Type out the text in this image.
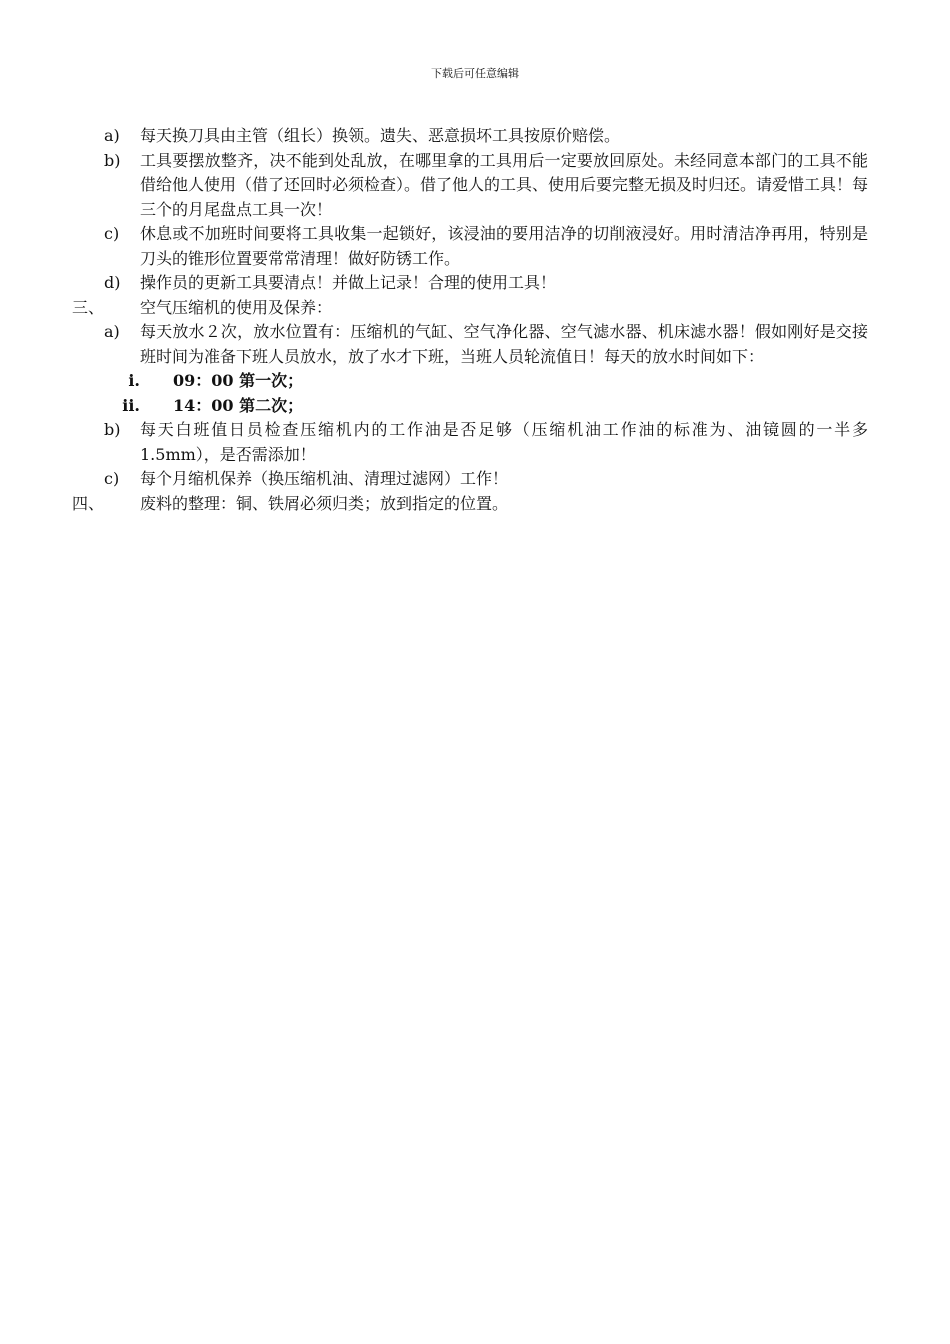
下载后可任意编辑
a) 每天换刀具由主管（组长）换领。遗失、恶意损坏工具按原价赔偿。
b) 工具要摆放整齐，决不能到处乱放，在哪里拿的工具用后一定要放回原处。未经同意本部门的工具不能借给他人使用（借了还回时必须检查）。借了他人的工具、使用后要完整无损及时归还。请爱惜工具！每三个的月尾盘点工具一次！
c) 休息或不加班时间要将工具收集一起锁好，该浸油的要用洁净的切削液浸好。用时清洁净再用，特别是刀头的锥形位置要常常清理！做好防锈工作。
d) 操作员的更新工具要清点！并做上记录！合理的使用工具！
三、 空气压缩机的使用及保养：
a) 每天放水２次，放水位置有：压缩机的气缸、空气净化器、空气滤水器、机床滤水器！假如刚好是交接班时间为准备下班人员放水，放了水才下班，当班人员轮流值日！每天的放水时间如下：
i. 09：00 第一次；
ii. 14：00 第二次；
b) 每天白班值日员检查压缩机内的工作油是否足够（压缩机油工作油的标准为、油镜圆的一半多1.5mm），是否需添加！
c) 每个月缩机保养（换压缩机油、清理过滤网）工作！
四、 废料的整理：铜、铁屑必须归类；放到指定的位置。
